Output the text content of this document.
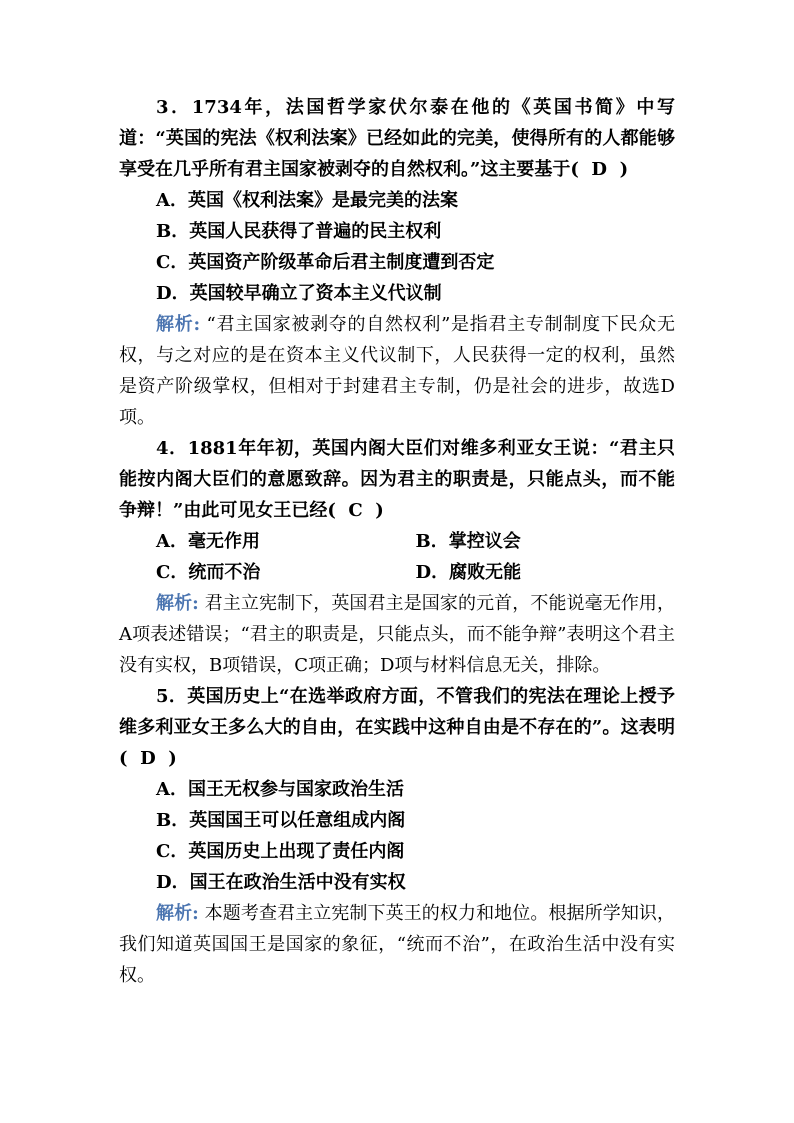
3．1734年，法国哲学家伏尔泰在他的《英国书简》中写道：“英国的宪法《权利法案》已经如此的完美，使得所有的人都能够享受在几乎所有君主国家被剥夺的自然权利。”这主要基于( D )

A．英国《权利法案》是最完美的法案

B．英国人民获得了普遍的民主权利

C．英国资产阶级革命后君主制度遭到否定

D．英国较早确立了资本主义代议制

解析: “君主国家被剥夺的自然权利”是指君主专制制度下民众无权，与之对应的是在资本主义代议制下，人民获得一定的权利，虽然是资产阶级掌权，但相对于封建君主专制，仍是社会的进步，故选D项。

4．1881年年初，英国内阁大臣们对维多利亚女王说：“君主只能按内阁大臣们的意愿致辞。因为君主的职责是，只能点头，而不能争辩！”由此可见女王已经( C )

A．毫无作用	B．掌控议会
C．统而不治	D．腐败无能

解析: 君主立宪制下，英国君主是国家的元首，不能说毫无作用，A项表述错误；“君主的职责是，只能点头，而不能争辩”表明这个君主没有实权，B项错误，C项正确；D项与材料信息无关，排除。

5．英国历史上“在选举政府方面，不管我们的宪法在理论上授予维多利亚女王多么大的自由，在实践中这种自由是不存在的”。这表明( D )

A．国王无权参与国家政治生活

B．英国国王可以任意组成内阁

C．英国历史上出现了责任内阁

D．国王在政治生活中没有实权

解析: 本题考查君主立宪制下英王的权力和地位。根据所学知识，我们知道英国国王是国家的象征，“统而不治”，在政治生活中没有实权。
